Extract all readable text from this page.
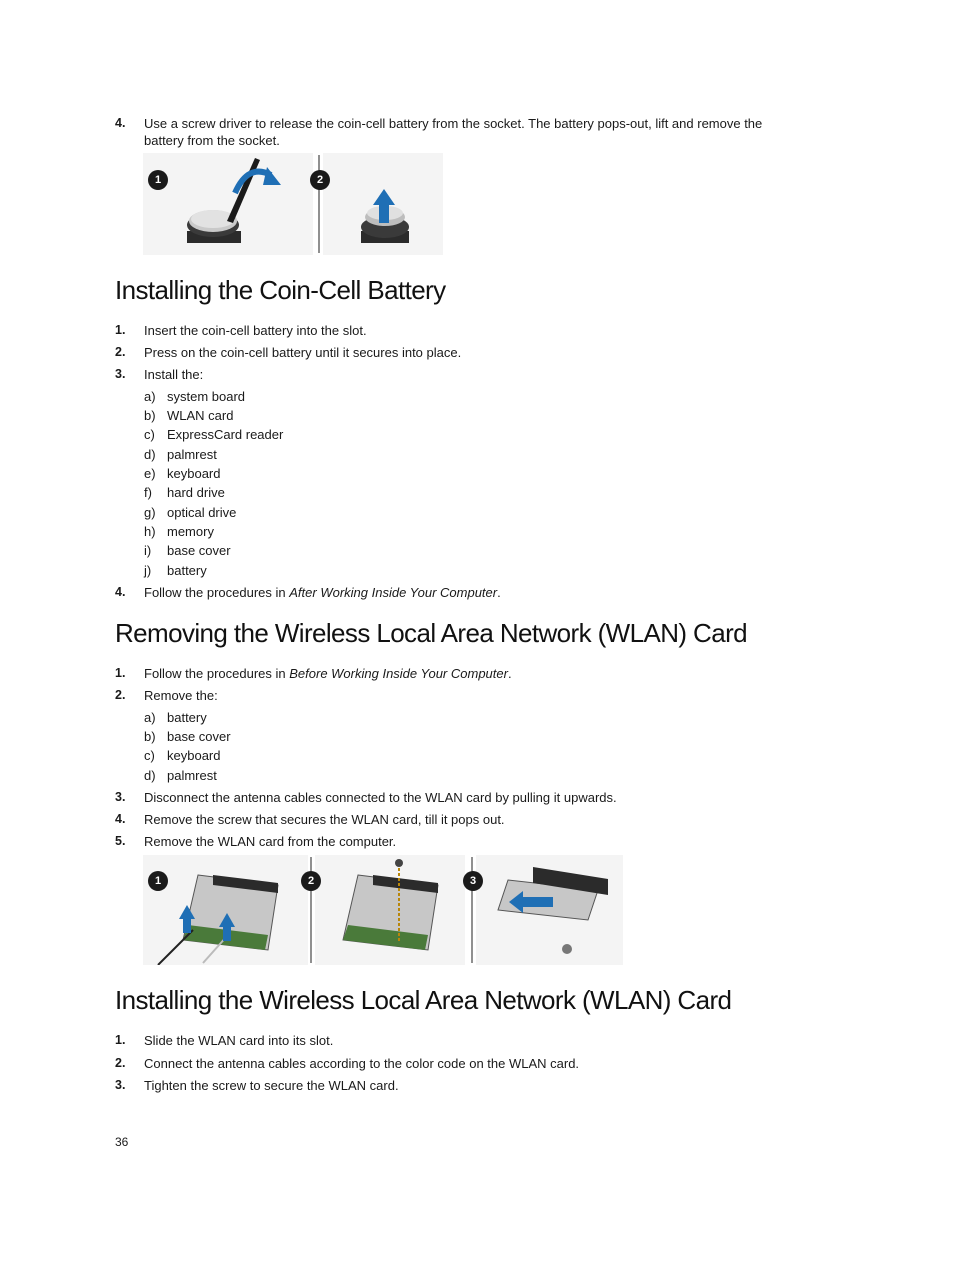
4. Use a screw driver to release the coin-cell battery from the socket. The battery pops-out, lift and remove the battery from the socket.
1	2
Installing the Coin-Cell Battery
1. Insert the coin-cell battery into the slot.
2. Press on the coin-cell battery until it secures into place.
3. Install the:
a) system board
b) WLAN card
c) ExpressCard reader
d) palmrest
e) keyboard
f) hard drive
g) optical drive
h) memory
i) base cover
j) battery
4. Follow the procedures in After Working Inside Your Computer.
Removing the Wireless Local Area Network (WLAN) Card
1. Follow the procedures in Before Working Inside Your Computer.
2. Remove the:
a) battery
b) base cover
c) keyboard
d) palmrest
3. Disconnect the antenna cables connected to the WLAN card by pulling it upwards.
4. Remove the screw that secures the WLAN card, till it pops out.
5. Remove the WLAN card from the computer.
1	2	3
Installing the Wireless Local Area Network (WLAN) Card
1. Slide the WLAN card into its slot.
2. Connect the antenna cables according to the color code on the WLAN card.
3. Tighten the screw to secure the WLAN card.
36
